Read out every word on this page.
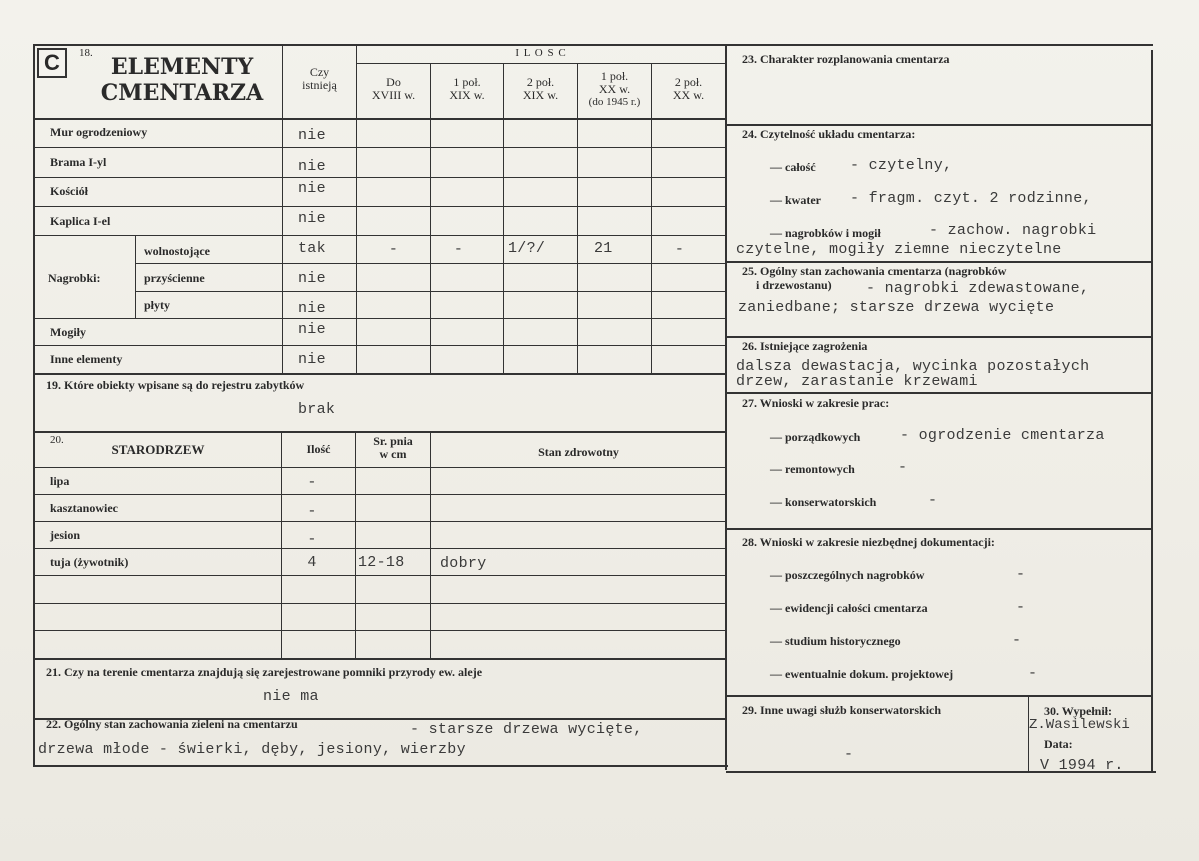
C	18.
ELEMENTY
CMENTARZA
Czy
istnieją
I L O S C
Do
XVIII w.
1 poł.
XIX w.
2 poł.
XIX w.
1 poł.
XX w.
(do 1945 r.)
2 poł.
XX w.
Mur ogrodzeniowy	nie
Brama I-yl	nie
Kościół	nie
Kaplica I-el	nie
Nagrobki:
wolnostojące	tak	-	-	1/?/	21	-
przyścienne	nie
płyty	nie
Mogiły	nie
Inne elementy	nie
19. Które obiekty wpisane są do rejestru zabytków
brak
20.
STARODRZEW	Ilość
Sr. pnia
w cm	Stan zdrowotny
lipa	-
kasztanowiec	-
jesion	-
tuja (żywotnik)	4	12-18 dobry
21. Czy na terenie cmentarza znajdują się zarejestrowane pomniki przyrody ew. aleje
nie ma
22. Ogólny stan zachowania zieleni na cmentarzu	- starsze drzewa wycięte,
drzewa młode - świerki, dęby, jesiony, wierzby
23. Charakter rozplanowania cmentarza
24. Czytelność układu cmentarza:
— całość - czytelny,
— kwater - fragm. czyt. 2 rodzinne,
— nagrobków i mogił	- zachow. nagrobki
czytelne, mogiły ziemne nieczytelne
25. Ogólny stan zachowania cmentarza (nagrobków
i drzewostanu) - nagrobki zdewastowane,
zaniedbane; starsze drzewa wycięte
26. Istniejące zagrożenia
dalsza dewastacja, wycinka pozostałych
drzew, zarastanie krzewami
27. Wnioski w zakresie prac:
— porządkowych	- ogrodzenie cmentarza
— remontowych	-
— konserwatorskich	-
28. Wnioski w zakresie niezbędnej dokumentacji:
— poszczególnych nagrobków	-
— ewidencji całości cmentarza	-
— studium historycznego	-
— ewentualnie dokum. projektowej	-
29. Inne uwagi służb konserwatorskich
-
30. Wypełnił:
Z.Wasilewski
Data:
V 1994 r.
